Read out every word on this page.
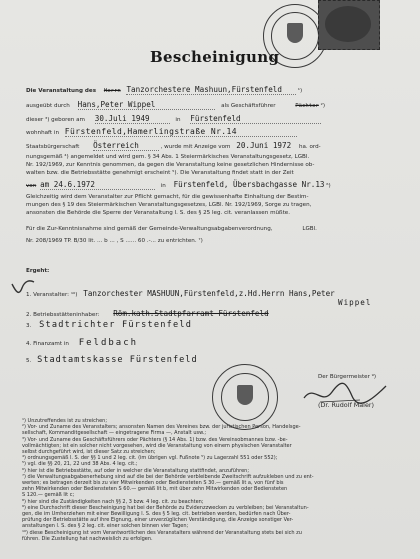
Bescheinigung
Die Veranstaltung des Herrn Tanzorchestere Mashuun,Fürstenfeld	¹)
ausgeübt durch Hans,Peter Wippel	als Geschäftsführer	Pächter ²)
dieser ³) geboren am 30.Juli 1949	in Fürstenfeld
wohnhaft in Fürstenfeld,Hamerlingstraße Nr.14
Staatsbürgerschaft Österreich	, wurde mit Anzeige vom 20.Juni 1972 ha. ord-
nungsgemäß ⁴) angemeldet und wird gem. § 34 Abs. 1 Steiermärkisches Veranstaltungsgesetz, LGBl.
Nr. 192/1969, zur Kenntnis genommen, da gegen die Veranstaltung keine gesetzlichen Hindernisse ob-
walten bzw. die Betriebsstätte genehmigt erscheint ⁵). Die Veranstaltung findet statt in der Zeit
von am 24.6.1972	in Fürstenfeld, Übersbachgasse Nr.13 ⁶)
Gleichzeitig wird dem Veranstalter zur Pflicht gemacht, für die gewissenhafte Einhaltung der Bestim-
mungen des § 19 des Steiermärkischen Veranstaltungsgesetzes, LGBl. Nr. 192/1969, Sorge zu tragen,
ansonsten die Behörde die Sperre der Veranstaltung l. S. des § 25 leg. cit. veranlassen müßte.
Für die Zur-Kenntnisnahme sind gemäß der Gemeinde-Verwaltungsabgabenverordnung,	LGBl.
Nr. 208/1969 TP. B/30 lit. ... b ... , S ...... 60 .-... zu entrichten. ⁷)
Ergeht:
1. Veranstalter: ¹⁰) Tanzorchester MASHUUN,Fürstenfeld,z.Hd.Herrn Hans,Peter
Wippel
2. Betriebsstätteninhaber: Röm.kath.Stadtpfarramt Fürstenfeld
3. Stadtrichter Fürstenfeld
4. Finanzamt in Feldbach
5. Stadtamtskasse Fürstenfeld
Der Bürgermeister ⁹)
(Dr. Rudolf Maier)
¹) Unzutreffendes ist zu streichen;
²) Vor- und Zuname des Veranstalters; ansonsten Namen des Vereines bzw. der juristischen Person, Handelsge-
sellschaft, Kommanditgesellschaft — eingetragene Firma —, Anstalt usw.;
³) Vor- und Zuname des Geschäftsführers oder Pächters (§ 14 Abs. 1) bzw. des Vereinsobmannes bzw. -be-
vollmächtigten; ist ein solcher nicht vorgesehen, wird die Veranstaltung von einem physischen Veranstalter
selbst durchgeführt wird, ist dieser Satz zu streichen;
⁴) ordnungsgemäß l. S. der §§ 1 und 2 leg. cit. (im übrigen vgl. Fußnote ⁵) zu Lagerzahl 551 oder 552);
⁵) vgl. die §§ 20, 21, 22 und 38 Abs. 4 leg. cit.;
⁶) hier ist die Betriebsstätte, auf oder in welcher die Veranstaltung stattfindet, anzuführen;
⁷) die Verwaltungsabgabenerhebung sind auf die bei der Behörde verbleibende Zweitschrift aufzukleben und zu ent-
werten; es betragen derzeit bis zu vier Mitwirkenden oder Bediensteten S 30.— gemäß lit a, von fünf bis
zehn Mitwirkenden oder Bediensteten S 60.— gemäß lit b, mit über zehn Mitwirkenden oder Bediensteten
S 120.— gemäß lit c;
⁸) hier sind die Zuständigkeiten nach §§ 2, 3 bzw. 4 leg. cit. zu beachten;
⁹) eine Durchschrift dieser Bescheinigung hat bei der Behörde zu Evidenzzwecken zu verbleiben; bei Veranstaltun-
gen, die im Umherziehen mit einer Bewilligung l. S. des § 5 leg. cit. betrieben werden, bedürfen nach Über-
prüfung der Betriebsstätte auf ihre Eignung, einer unverzüglichen Verständigung, die Anzeige sonstiger Ver-
anstaltungen l. S. des § 2 leg. cit. einer solchen binnen vier Tagen;
¹⁰) diese Bescheinigung ist vom Verantwortlichen des Veranstalters während der Veranstaltung stets bei sich zu
führen. Die Zustellung hat nachweislich zu erfolgen.
